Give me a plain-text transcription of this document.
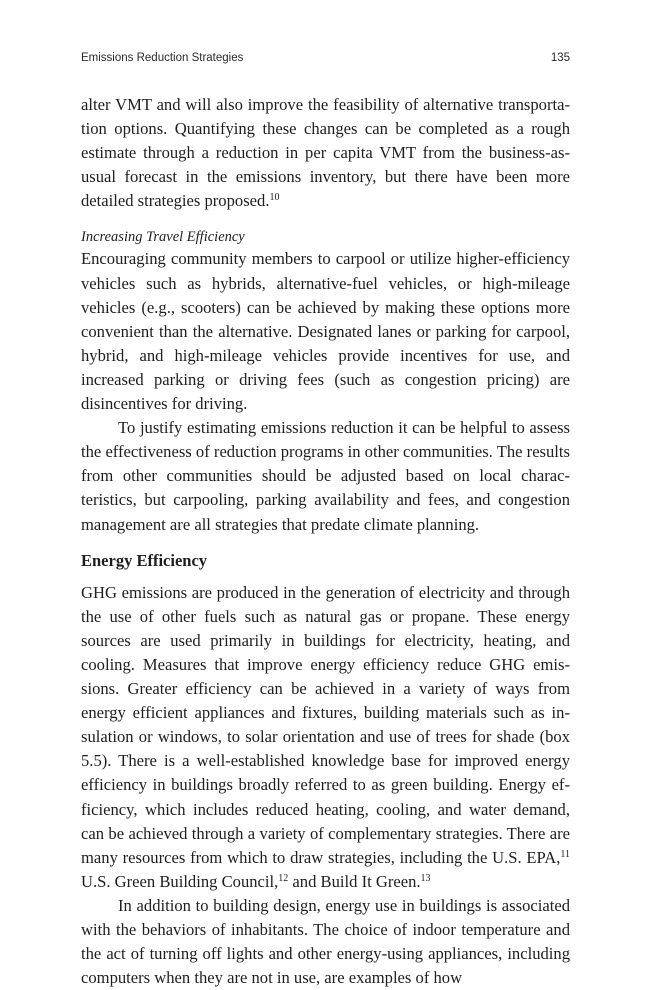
Emissions Reduction Strategies	135

alter VMT and will also improve the feasibility of alternative transportation options. Quantifying these changes can be completed as a rough estimate through a reduction in per capita VMT from the business-as-usual forecast in the emissions inventory, but there have been more detailed strategies proposed.$^{10}$

Increasing Travel Efficiency

Encouraging community members to carpool or utilize higher-efficiency vehicles such as hybrids, alternative-fuel vehicles, or high-mileage vehicles (e.g., scooters) can be achieved by making these options more convenient than the alternative. Designated lanes or parking for carpool, hybrid, and high-mileage vehicles provide incentives for use, and increased parking or driving fees (such as congestion pricing) are disincentives for driving.

To justify estimating emissions reduction it can be helpful to assess the effectiveness of reduction programs in other communities. The results from other communities should be adjusted based on local characteristics, but carpooling, parking availability and fees, and congestion management are all strategies that predate climate planning.

Energy Efficiency

GHG emissions are produced in the generation of electricity and through the use of other fuels such as natural gas or propane. These energy sources are used primarily in buildings for electricity, heating, and cooling. Measures that improve energy efficiency reduce GHG emissions. Greater efficiency can be achieved in a variety of ways from energy efficient appliances and fixtures, building materials such as insulation or windows, to solar orientation and use of trees for shade (box 5.5). There is a well-established knowledge base for improved energy efficiency in buildings broadly referred to as green building. Energy efficiency, which includes reduced heating, cooling, and water demand, can be achieved through a variety of complementary strategies. There are many resources from which to draw strategies, including the U.S. EPA,$^{11}$ U.S. Green Building Council,$^{12}$ and Build It Green.$^{13}$

In addition to building design, energy use in buildings is associated with the behaviors of inhabitants. The choice of indoor temperature and the act of turning off lights and other energy-using appliances, including computers when they are not in use, are examples of how
